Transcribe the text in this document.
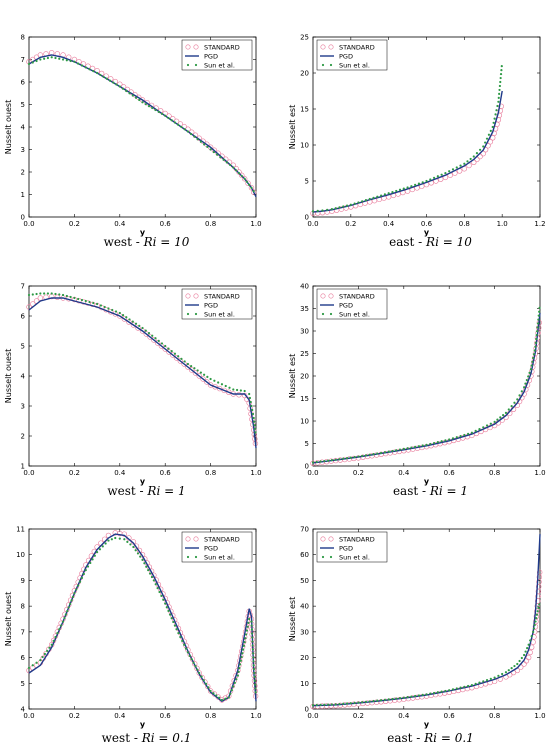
0.0	0.2	0.4	0.6	0.8	1.0
0
1
2
3
4
5
6
7
8
y
Nusselt ouest
STANDARD
PGD
Sun et al.
west - Ri = 10
0.0	0.2	0.4	0.6	0.8	1.0	1.2
0
5
10
15
20
25
y
Nusselt est
STANDARD
PGD
Sun et al.
east - Ri = 10
0.0	0.2	0.4	0.6	0.8	1.0
1
2
3
4
5
6
7
y
Nusselt ouest
STANDARD
PGD
Sun et al.
west - Ri = 1
0.0	0.2	0.4	0.6	0.8	1.0
0
5
10
15
20
25
30
35
40
y
Nusselt est
STANDARD
PGD
Sun et al.
east - Ri = 1
0.0	0.2	0.4	0.6	0.8	1.0
4
5
6
7
8
9
10
11
y
Nusselt ouest
STANDARD
PGD
Sun et al.
west - Ri = 0.1
0.0	0.2	0.4	0.6	0.8	1.0
0
10
20
30
40
50
60
70
y
Nusselt est
STANDARD
PGD
Sun et al.
east - Ri = 0.1
